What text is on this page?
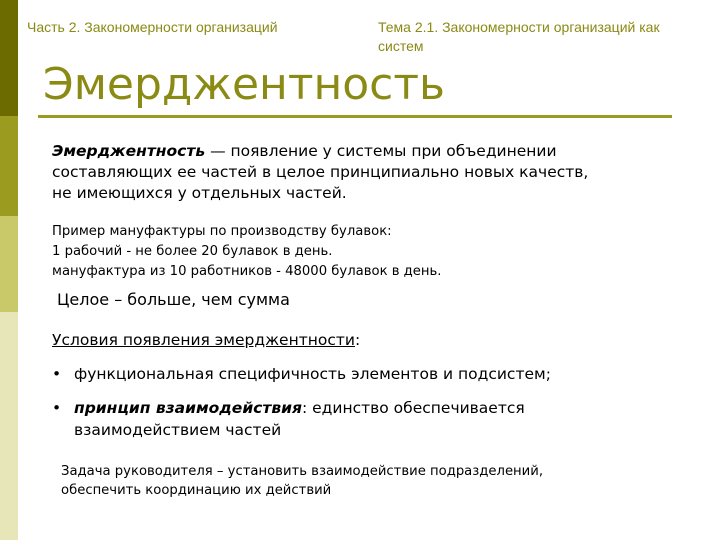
Часть 2. Закономерности организаций	Тема 2.1. Закономерности организаций как
систем
Эмерджентность
Эмерджентность — появление у системы при объединении
составляющих ее частей в целое принципиально новых качеств,
не имеющихся у отдельных частей.
Пример мануфактуры по производству булавок:
1 рабочий - не более 20 булавок в день.
мануфактура из 10 работников - 48000 булавок в день.
Целое – больше, чем сумма
Условия появления эмерджентности:
• функциональная специфичность элементов и подсистем;
• принцип взаимодействия: единство обеспечивается
взаимодействием частей
Задача руководителя – установить взаимодействие подразделений,
обеспечить координацию их действий
